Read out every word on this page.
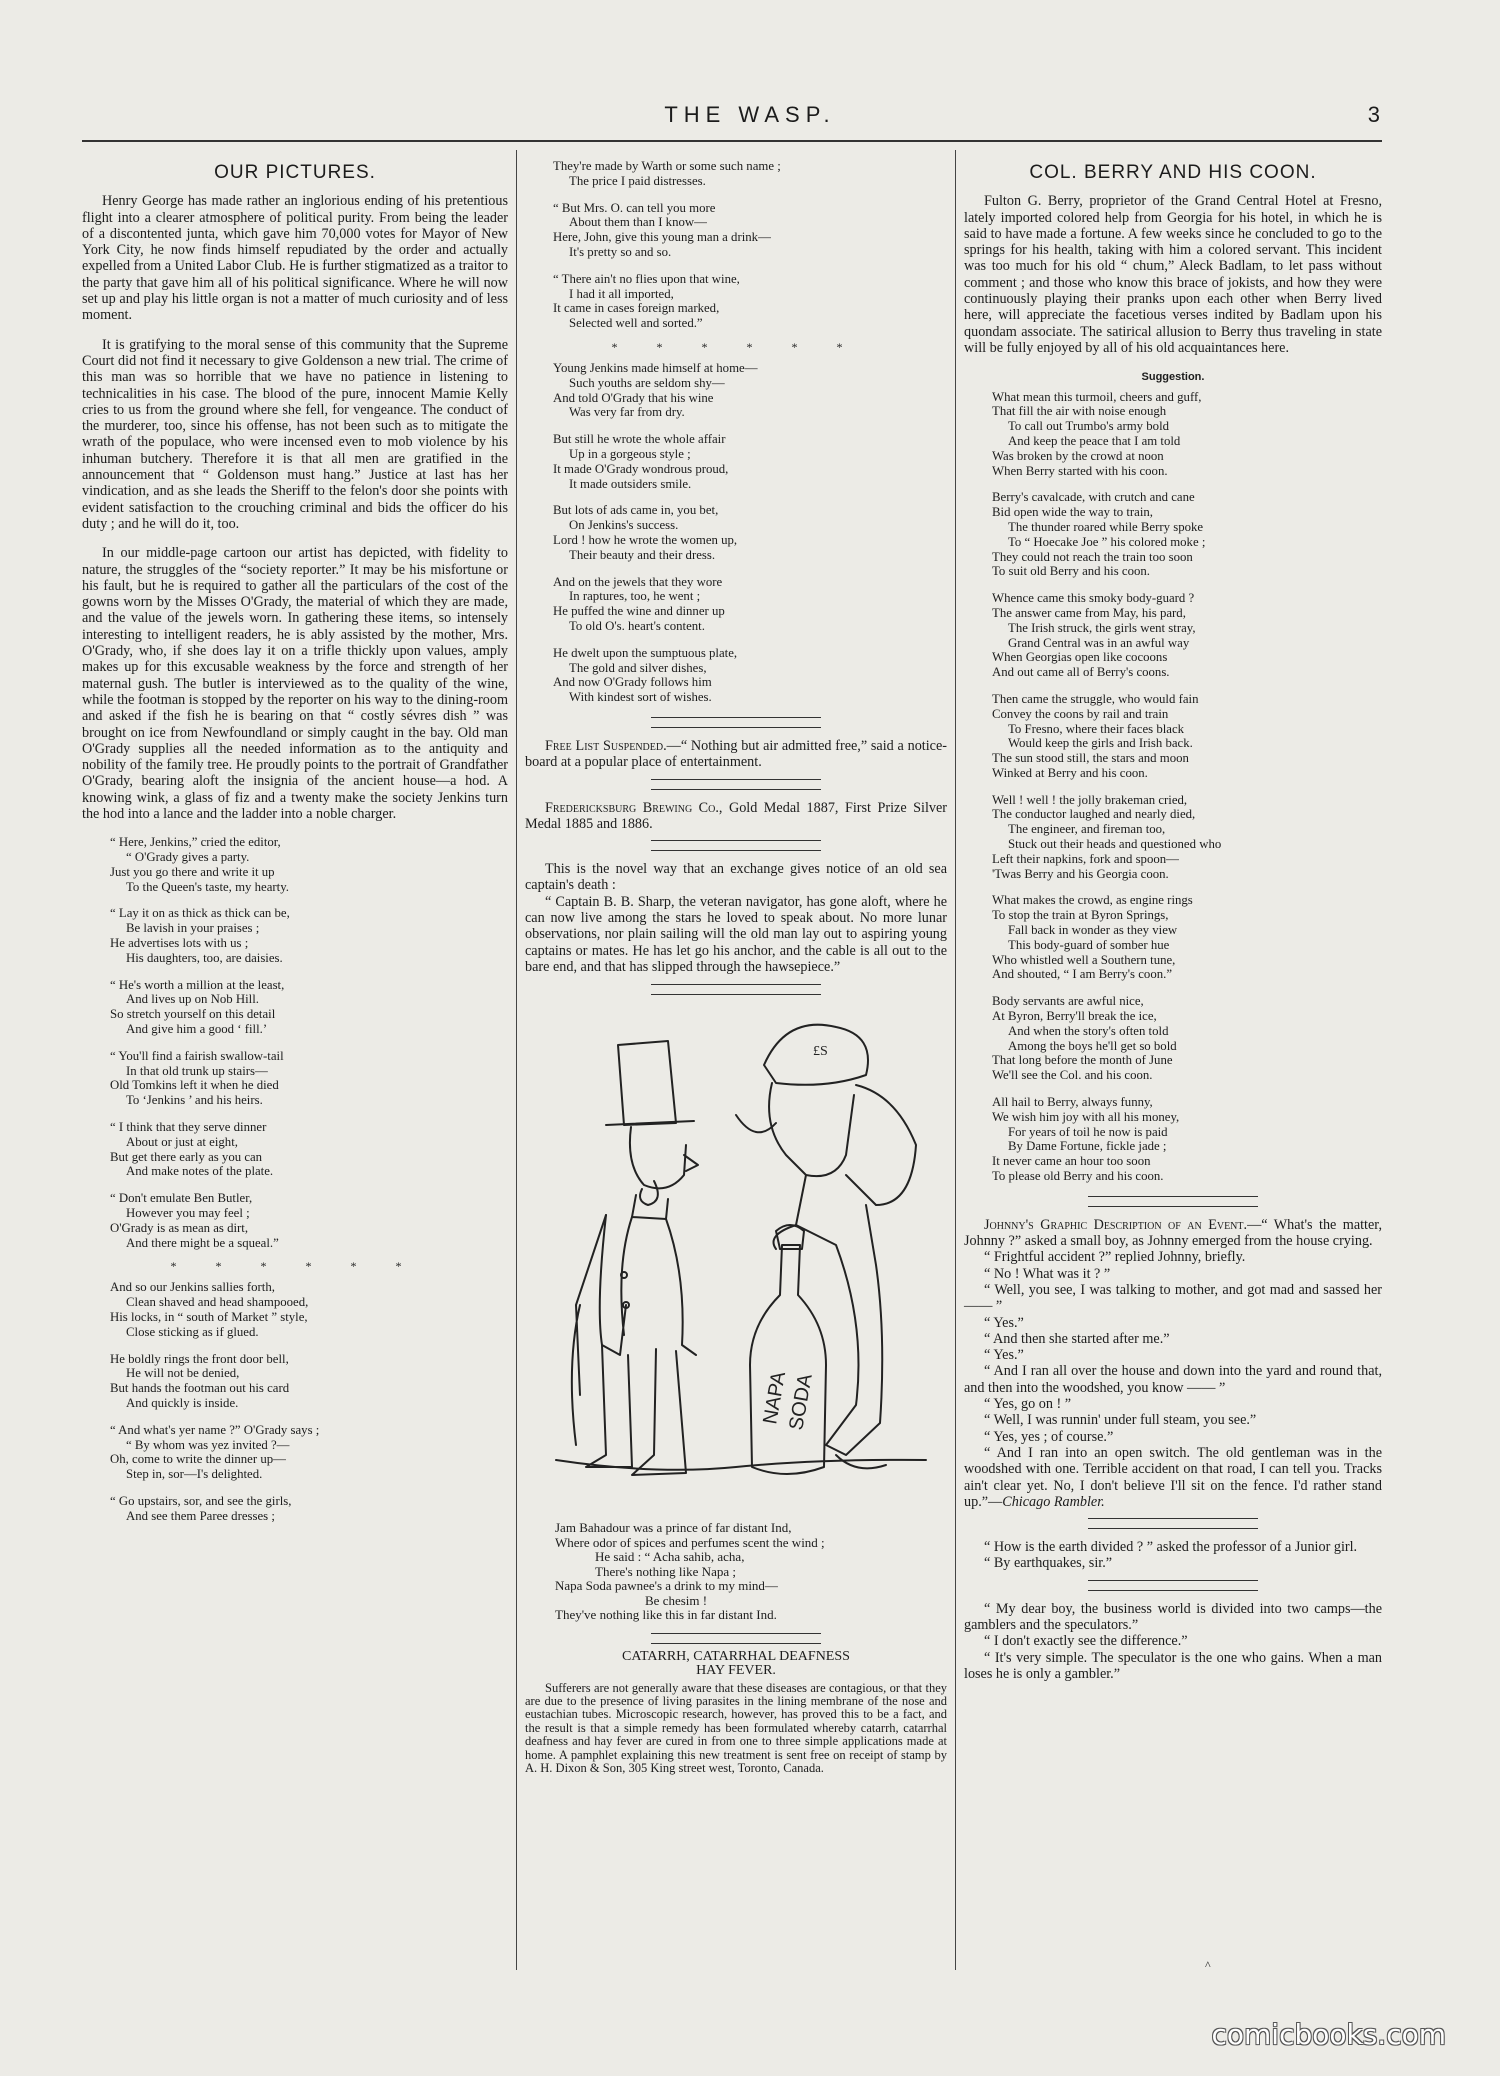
THE WASP.	3
OUR PICTURES.

Henry George has made rather an inglorious ending of his pretentious flight into a clearer atmosphere of political purity. From being the leader of a discontented junta, which gave him 70,000 votes for Mayor of New York City, he now finds himself repudiated by the order and actually expelled from a United Labor Club. He is further stigmatized as a traitor to the party that gave him all of his political significance. Where he will now set up and play his little organ is not a matter of much curiosity and of less moment.

It is gratifying to the moral sense of this community that the Supreme Court did not find it necessary to give Goldenson a new trial. The crime of this man was so horrible that we have no patience in listening to technicalities in his case. The blood of the pure, innocent Mamie Kelly cries to us from the ground where she fell, for vengeance. The conduct of the murderer, too, since his offense, has not been such as to mitigate the wrath of the populace, who were incensed even to mob violence by his inhuman butchery. Therefore it is that all men are gratified in the announcement that “ Goldenson must hang.” Justice at last has her vindication, and as she leads the Sheriff to the felon's door she points with evident satisfaction to the crouching criminal and bids the officer do his duty ; and he will do it, too.

In our middle-page cartoon our artist has depicted, with fidelity to nature, the struggles of the “society reporter.” It may be his misfortune or his fault, but he is required to gather all the particulars of the cost of the gowns worn by the Misses O'Grady, the material of which they are made, and the value of the jewels worn. In gathering these items, so intensely interesting to intelligent readers, he is ably assisted by the mother, Mrs. O'Grady, who, if she does lay it on a trifle thickly upon values, amply makes up for this excusable weakness by the force and strength of her maternal gush. The butler is interviewed as to the quality of the wine, while the footman is stopped by the reporter on his way to the dining-room and asked if the fish he is bearing on that “ costly sévres dish ” was brought on ice from Newfoundland or simply caught in the bay. Old man O'Grady supplies all the needed information as to the antiquity and nobility of the family tree. He proudly points to the portrait of Grandfather O'Grady, bearing aloft the insignia of the ancient house—a hod. A knowing wink, a glass of fiz and a twenty make the society Jenkins turn the hod into a lance and the ladder into a noble charger.

“ Here, Jenkins,” cried the editor,
“ O'Grady gives a party.
Just you go there and write it up
To the Queen's taste, my hearty.
“ Lay it on as thick as thick can be,
Be lavish in your praises ;
He advertises lots with us ;
His daughters, too, are daisies.
“ He's worth a million at the least,
And lives up on Nob Hill.
So stretch yourself on this detail
And give him a good ‘ fill.’
“ You'll find a fairish swallow-tail
In that old trunk up stairs—
Old Tomkins left it when he died
To ‘Jenkins ’ and his heirs.
“ I think that they serve dinner
About or just at eight,
But get there early as you can
And make notes of the plate.
“ Don't emulate Ben Butler,
However you may feel ;
O'Grady is as mean as dirt,
And there might be a squeal.”
* * * * * *
And so our Jenkins sallies forth,
Clean shaved and head shampooed,
His locks, in “ south of Market ” style,
Close sticking as if glued.
He boldly rings the front door bell,
He will not be denied,
But hands the footman out his card
And quickly is inside.
“ And what's yer name ?” O'Grady says ;
“ By whom was yez invited ?—
Oh, come to write the dinner up—
Step in, sor—I's delighted.
“ Go upstairs, sor, and see the girls,
And see them Paree dresses ;
They're made by Warth or some such name ;
The price I paid distresses.
“ But Mrs. O. can tell you more
About them than I know—
Here, John, give this young man a drink—
It's pretty so and so.
“ There ain't no flies upon that wine,
I had it all imported,
It came in cases foreign marked,
Selected well and sorted.”
* * * * * *
Young Jenkins made himself at home—
Such youths are seldom shy—
And told O'Grady that his wine
Was very far from dry.
But still he wrote the whole affair
Up in a gorgeous style ;
It made O'Grady wondrous proud,
It made outsiders smile.
But lots of ads came in, you bet,
On Jenkins's success.
Lord ! how he wrote the women up,
Their beauty and their dress.
And on the jewels that they wore
In raptures, too, he went ;
He puffed the wine and dinner up
To old O's. heart's content.
He dwelt upon the sumptuous plate,
The gold and silver dishes,
And now O'Grady follows him
With kindest sort of wishes.

Free List Suspended.—“ Nothing but air admitted free,” said a notice-board at a popular place of entertainment.

Fredericksburg Brewing Co., Gold Medal 1887, First Prize Silver Medal 1885 and 1886.

This is the novel way that an exchange gives notice of an old sea captain's death :

“ Captain B. B. Sharp, the veteran navigator, has gone aloft, where he can now live among the stars he loved to speak about. No more lunar observations, nor plain sailing will the old man lay out to aspiring young captains or mates. He has let go his anchor, and the cable is all out to the bare end, and that has slipped through the hawsepiece.”

£S
NAPA
SODA
Jam Bahadour was a prince of far distant Ind,
Where odor of spices and perfumes scent the wind ;
He said : “ Acha sahib, acha,
There's nothing like Napa ;
Napa Soda pawnee's a drink to my mind—
Be chesim !
They've nothing like this in far distant Ind.
CATARRH, CATARRHAL DEAFNESS
HAY FEVER.

Sufferers are not generally aware that these diseases are contagious, or that they are due to the presence of living parasites in the lining membrane of the nose and eustachian tubes. Microscopic research, however, has proved this to be a fact, and the result is that a simple remedy has been formulated whereby catarrh, catarrhal deafness and hay fever are cured in from one to three simple applications made at home. A pamphlet explaining this new treatment is sent free on receipt of stamp by A. H. Dixon & Son, 305 King street west, Toronto, Canada.

COL. BERRY AND HIS COON.

Fulton G. Berry, proprietor of the Grand Central Hotel at Fresno, lately imported colored help from Georgia for his hotel, in which he is said to have made a fortune. A few weeks since he concluded to go to the springs for his health, taking with him a colored servant. This incident was too much for his old “ chum,” Aleck Badlam, to let pass without comment ; and those who know this brace of jokists, and how they were continuously playing their pranks upon each other when Berry lived here, will appreciate the facetious verses indited by Badlam upon his quondam associate. The satirical allusion to Berry thus traveling in state will be fully enjoyed by all of his old acquaintances here.

Suggestion.
What mean this turmoil, cheers and guff,
That fill the air with noise enough
To call out Trumbo's army bold
And keep the peace that I am told
Was broken by the crowd at noon
When Berry started with his coon.
Berry's cavalcade, with crutch and cane
Bid open wide the way to train,
The thunder roared while Berry spoke
To “ Hoecake Joe ” his colored moke ;
They could not reach the train too soon
To suit old Berry and his coon.
Whence came this smoky body-guard ?
The answer came from May, his pard,
The Irish struck, the girls went stray,
Grand Central was in an awful way
When Georgias open like cocoons
And out came all of Berry's coons.
Then came the struggle, who would fain
Convey the coons by rail and train
To Fresno, where their faces black
Would keep the girls and Irish back.
The sun stood still, the stars and moon
Winked at Berry and his coon.
Well ! well ! the jolly brakeman cried,
The conductor laughed and nearly died,
The engineer, and fireman too,
Stuck out their heads and questioned who
Left their napkins, fork and spoon—
'Twas Berry and his Georgia coon.
What makes the crowd, as engine rings
To stop the train at Byron Springs,
Fall back in wonder as they view
This body-guard of somber hue
Who whistled well a Southern tune,
And shouted, “ I am Berry's coon.”
Body servants are awful nice,
At Byron, Berry'll break the ice,
And when the story's often told
Among the boys he'll get so bold
That long before the month of June
We'll see the Col. and his coon.
All hail to Berry, always funny,
We wish him joy with all his money,
For years of toil he now is paid
By Dame Fortune, fickle jade ;
It never came an hour too soon
To please old Berry and his coon.

Johnny's Graphic Description of an Event.—“ What's the matter, Johnny ?” asked a small boy, as Johnny emerged from the house crying.

“ Frightful accident ?” replied Johnny, briefly.

“ No ! What was it ? ”

“ Well, you see, I was talking to mother, and got mad and sassed her —— ”

“ Yes.”

“ And then she started after me.”

“ Yes.”

“ And I ran all over the house and down into the yard and round that, and then into the woodshed, you know —— ”

“ Yes, go on ! ”

“ Well, I was runnin' under full steam, you see.”

“ Yes, yes ; of course.”

“ And I ran into an open switch. The old gentleman was in the woodshed with one. Terrible accident on that road, I can tell you. Tracks ain't clear yet. No, I don't believe I'll sit on the fence. I'd rather stand up.”—Chicago Rambler.

“ How is the earth divided ? ” asked the professor of a Junior girl.

“ By earthquakes, sir.”

“ My dear boy, the business world is divided into two camps—the gamblers and the speculators.”

“ I don't exactly see the difference.”

“ It's very simple. The speculator is the one who gains. When a man loses he is only a gambler.”

^
comicbooks.com
